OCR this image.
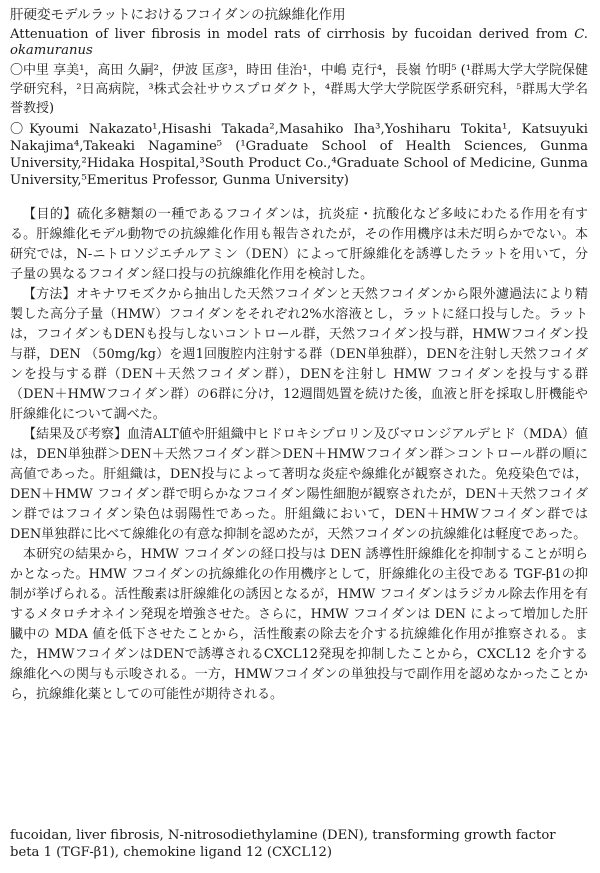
肝硬変モデルラットにおけるフコイダンの抗線維化作用

Attenuation of liver fibrosis in model rats of cirrhosis by fucoidan derived from C. okamuranus

〇中里 享美¹，高田 久嗣²，伊波 匡彦³，時田 佳治¹，中嶋 克行⁴，長嶺 竹明⁵ (¹群馬大学大学院保健学研究科，²日高病院，³株式会社サウスプロダクト，⁴群馬大学大学院医学系研究科，⁵群馬大学名誉教授)

〇Kyoumi Nakazato¹,Hisashi Takada²,Masahiko Iha³,Yoshiharu Tokita¹, Katsuyuki Nakajima⁴,Takeaki Nagamine⁵ (¹Graduate School of Health Sciences, Gunma University,²Hidaka Hospital,³South Product Co.,⁴Graduate School of Medicine, Gunma University,⁵Emeritus Professor, Gunma University)

【目的】硫化多糖類の一種であるフコイダンは，抗炎症・抗酸化など多岐にわたる作用を有する。肝線維化モデル動物での抗線維化作用も報告されたが，その作用機序は未だ明らかでない。本研究では，N-ニトロソジエチルアミン（DEN）によって肝線維化を誘導したラットを用いて，分子量の異なるフコイダン経口投与の抗線維化作用を検討した。

【方法】オキナワモズクから抽出した天然フコイダンと天然フコイダンから限外濾過法により精製した高分子量（HMW）フコイダンをそれぞれ2%水溶液とし，ラットに経口投与した。ラットは，フコイダンもDENも投与しないコントロール群，天然フコイダン投与群，HMWフコイダン投与群，DEN （50mg/kg）を週1回腹腔内注射する群（DEN単独群），DENを注射し天然フコイダンを投与する群（DEN＋天然フコイダン群），DENを注射し HMW フコイダンを投与する群（DEN＋HMWフコイダン群）の6群に分け，12週間処置を続けた後，血液と肝を採取し肝機能や肝線維化について調べた。

【結果及び考察】血清ALT値や肝組織中ヒドロキシプロリン及びマロンジアルデヒド（MDA）値は，DEN単独群＞DEN＋天然フコイダン群＞DEN＋HMWフコイダン群＞コントロール群の順に高値であった。肝組織は，DEN投与によって著明な炎症や線維化が観察された。免疫染色では，DEN＋HMW フコイダン群で明らかなフコイダン陽性細胞が観察されたが，DEN＋天然フコイダン群ではフコイダン染色は弱陽性であった。肝組織において，DEN＋HMWフコイダン群ではDEN単独群に比べて線維化の有意な抑制を認めたが，天然フコイダンの抗線維化は軽度であった。

本研究の結果から，HMW フコイダンの経口投与は DEN 誘導性肝線維化を抑制することが明らかとなった。HMW フコイダンの抗線維化の作用機序として，肝線維化の主役である TGF-β1の抑制が挙げられる。活性酸素は肝線維化の誘因となるが，HMW フコイダンはラジカル除去作用を有するメタロチオネイン発現を増強させた。さらに，HMW フコイダンは DEN によって増加した肝臓中の MDA 値を低下させたことから，活性酸素の除去を介する抗線維化作用が推察される。また，HMWフコイダンはDENで誘導されるCXCL12発現を抑制したことから，CXCL12 を介する線維化への関与も示唆される。一方，HMWフコイダンの単独投与で副作用を認めなかったことから，抗線維化薬としての可能性が期待される。

fucoidan, liver fibrosis, N-nitrosodiethylamine (DEN), transforming growth factor beta 1 (TGF-β1), chemokine ligand 12 (CXCL12)
